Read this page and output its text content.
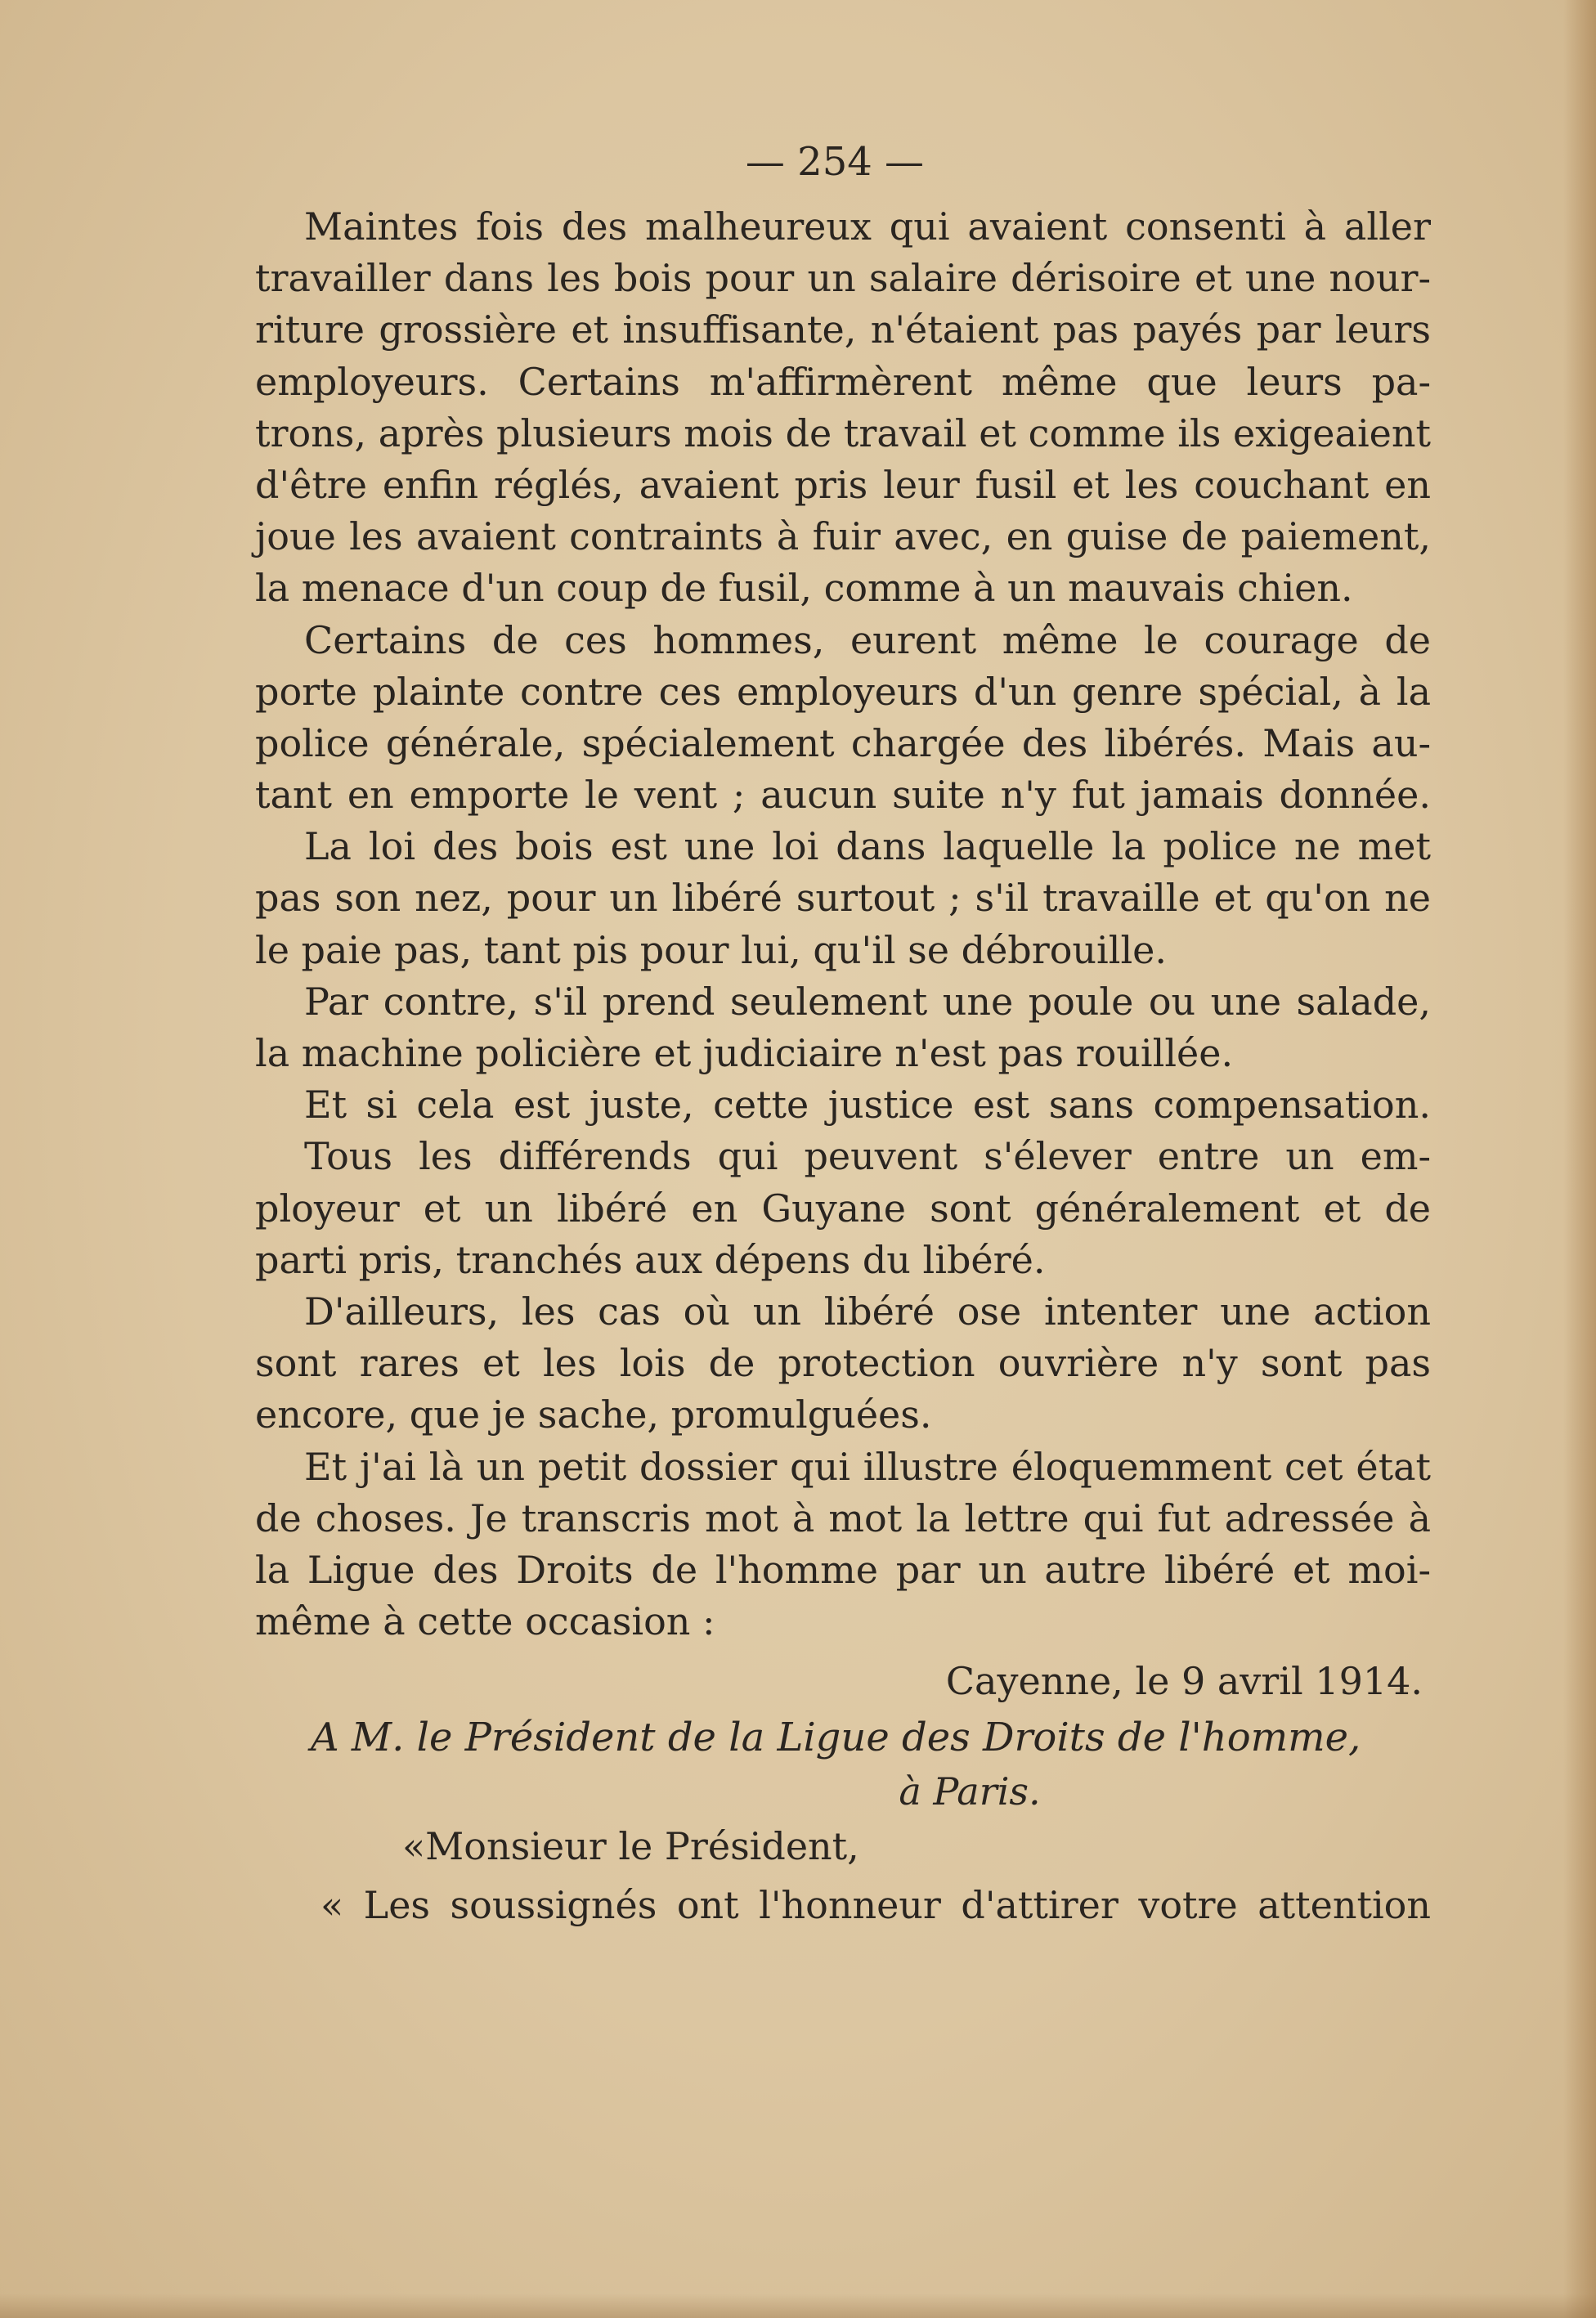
— 254 —
Maintes fois des malheureux qui avaient consenti à aller
travailler dans les bois pour un salaire dérisoire et une nour-
riture grossière et insuffisante, n'étaient pas payés par leurs
employeurs. Certains m'affirmèrent même que leurs pa-
trons, après plusieurs mois de travail et comme ils exigeaient
d'être enfin réglés, avaient pris leur fusil et les couchant en
joue les avaient contraints à fuir avec, en guise de paiement,
la menace d'un coup de fusil, comme à un mauvais chien.
Certains de ces hommes, eurent même le courage de
porte plainte contre ces employeurs d'un genre spécial, à la
police générale, spécialement chargée des libérés. Mais au-
tant en emporte le vent ; aucun suite n'y fut jamais donnée.
La loi des bois est une loi dans laquelle la police ne met
pas son nez, pour un libéré surtout ; s'il travaille et qu'on ne
le paie pas, tant pis pour lui, qu'il se débrouille.
Par contre, s'il prend seulement une poule ou une salade,
la machine policière et judiciaire n'est pas rouillée.
Et si cela est juste, cette justice est sans compensation.
Tous les différends qui peuvent s'élever entre un em-
ployeur et un libéré en Guyane sont généralement et de
parti pris, tranchés aux dépens du libéré.
D'ailleurs, les cas où un libéré ose intenter une action
sont rares et les lois de protection ouvrière n'y sont pas
encore, que je sache, promulguées.
Et j'ai là un petit dossier qui illustre éloquemment cet état
de choses. Je transcris mot à mot la lettre qui fut adressée à
la Ligue des Droits de l'homme par un autre libéré et moi-
même à cette occasion :
Cayenne, le 9 avril 1914.
A M. le Président de la Ligue des Droits de l'homme,
à Paris.
«Monsieur le Président,
« Les soussignés ont l'honneur d'attirer votre attention
